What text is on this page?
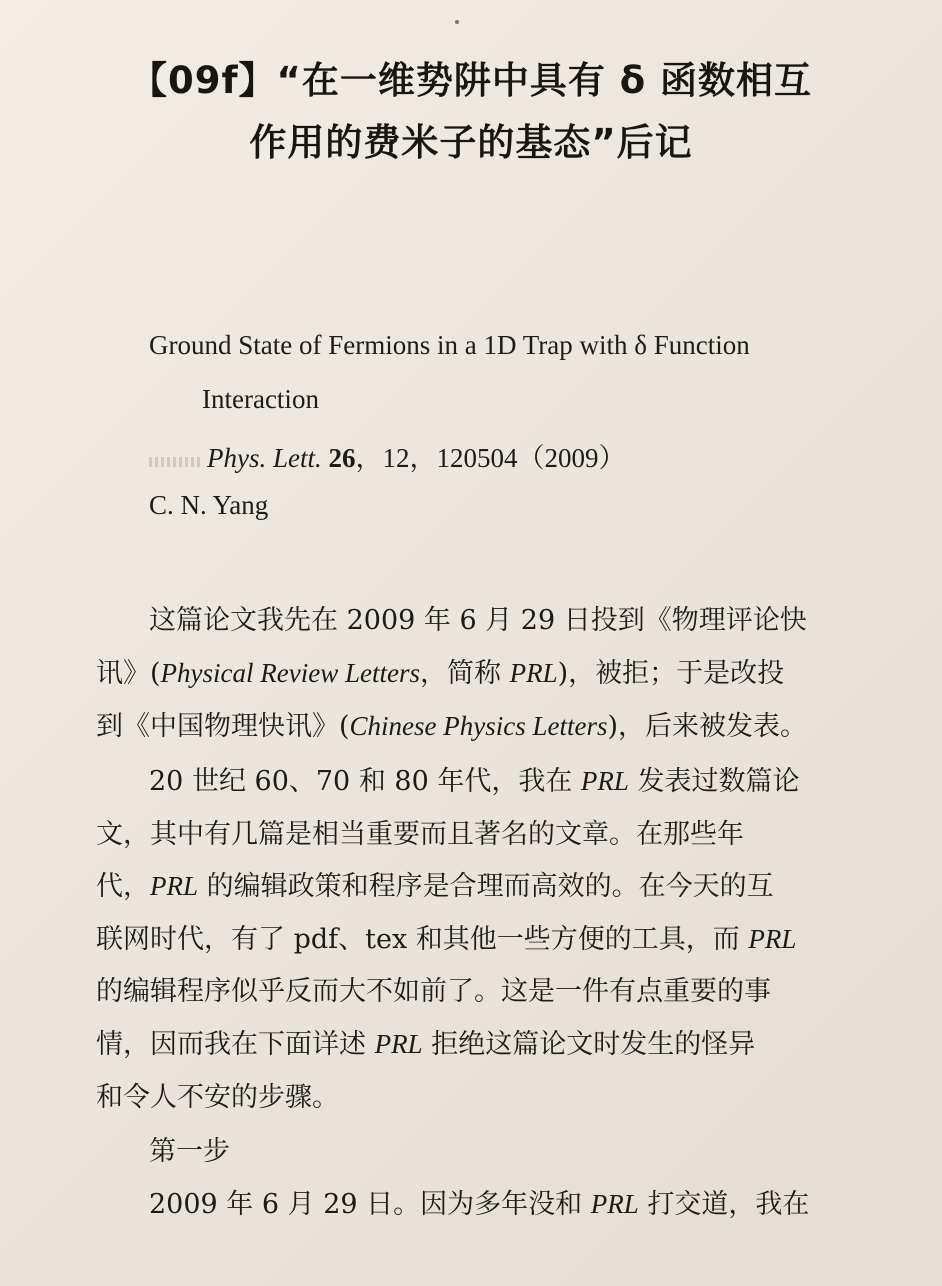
【09f】“在一维势阱中具有 δ 函数相互
作用的费米子的基态”后记
Ground State of Fermions in a 1D Trap with δ Function
Interaction
Phys. Lett. 26，12，120504（2009）
C. N. Yang
这篇论文我先在 2009 年 6 月 29 日投到《物理评论快
讯》(Physical Review Letters，简称 PRL)，被拒；于是改投
到《中国物理快讯》(Chinese Physics Letters)，后来被发表。
20 世纪 60、70 和 80 年代，我在 PRL 发表过数篇论
文，其中有几篇是相当重要而且著名的文章。在那些年
代，PRL 的编辑政策和程序是合理而高效的。在今天的互
联网时代，有了 pdf、tex 和其他一些方便的工具，而 PRL
的编辑程序似乎反而大不如前了。这是一件有点重要的事
情，因而我在下面详述 PRL 拒绝这篇论文时发生的怪异
和令人不安的步骤。
第一步
2009 年 6 月 29 日。因为多年没和 PRL 打交道，我在
